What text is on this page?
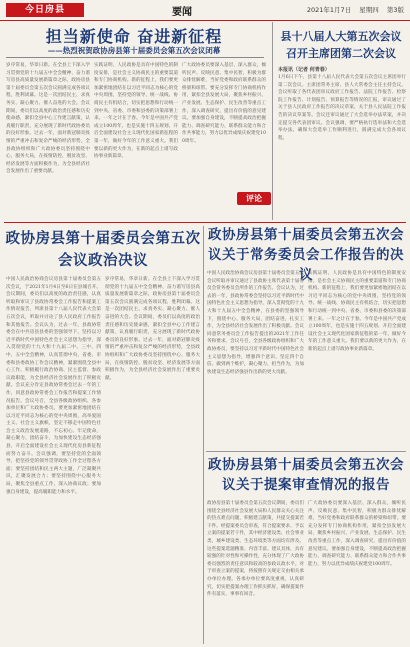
今日房县	要闻	2021年1月7日 星期四 第3版
担当新使命 奋进新征程
——热烈祝贺政协房县第十届委员会第五次会议闭幕
岁序常易，华章日新。在全县上下深入学习贯彻党的十九届五中全会精神、奋力谱写房县高质量发展新篇章之际，政协房县第十届委员会第五次会议圆满完成各项议程，胜利闭幕。这是一次团结民主、求真务实、凝心聚力、催人奋进的大会。会议期间，委员们以高度的政治责任感和历史使命感，紧扣全县中心工作建言献策，认真履行职责，充分展现了新时代政协委员的良好形象。过去一年，面对新冠肺炎疫情的严重冲击和复杂严峻的经济形势，全县政协组织和广大政协委员坚持围绕中心、服务大局，在疫情防控、脱贫攻坚、经济发展等方面积极作为，为全县经济社会发展作出了重要贡献。
实践证明，人民政协是具有中国特色的制度安排，是社会主义协商民主的重要渠道和专门协商机构。新的征程上，我们要更加紧密地团结在以习近平同志为核心的党中央周围，坚持党的领导、统一战线、协商民主有机结合，切实把思想和行动统一到中央、省委、市委和县委的决策部署上来。一年之计在于春。今年是中国共产党成立100周年，也是实施十四五规划、开启全面建设社会主义现代化国家新征程的第一年，做好今年的工作意义重大。我们要以新的更大作为，在新的起点上谱写政协事业新篇章。
广大政协委员要深入基层、深入群众，倾听民声、反映民意、集中民智，积极为群众排忧解难，当好党委和政府联系群众的桥梁和纽带。要充分发挥专门协商机构作用，紧扣全县发展大局，聚焦乡村振兴、产业发展、生态保护、民生改善等重点工作，深入调查研究，提出有价值的意见建议。要加强自身建设，不断提高政治把握能力、调查研究能力、联系群众能力和合作共事能力，努力以优异成绩庆祝建党100周年。
评论
县十八届人大第五次会议召开主席团第二次会议
本报讯（记者 何青春）
1月6日下午，县第十八届人民代表大会第五次会议主席团举行第二次会议。主席团常务主席、县人大常委会主任主持会议。会议听取了各代表团审议政府工作报告、法院工作报告、检察院工作报告、计划报告、预算报告等情况的汇报，审议通过了关于县人民政府工作报告的决议草案、关于县人民法院工作报告的决议草案等。会议还审议通过了大会选举办法草案，并决定提交各代表团审议。会议强调，要严格执行选举法和大会选举办法，确保大会选举工作顺利进行，圆满完成大会各项议程。
政协房县第十届委员会第五次会议政治决议
中国人民政治协商会议房县第十届委员会第五次会议，于2021年1月4日至6日在县城召开。会议期间，委员们以高度的政治责任感，认真听取和审议了县政协常委会工作报告和提案工作情况报告，列席县第十八届人民代表大会第五次会议，听取并讨论了县人民政府工作报告和其他报告。会议认为，过去一年，县政协常委会在中共房县县委的坚强领导下，坚持以习近平新时代中国特色社会主义思想为指导，深入贯彻党的十九大和十九届二中、三中、四中、五中全会精神，认真贯彻中央、省委、市委和县委政协工作会议精神，紧紧围绕全县中心工作，积极履行政治协商、民主监督、参政议政职能，为全县经济社会发展作出了积极贡献。会议充分肯定县政协常委会过去一年的工作，同意县政协常委会工作报告和提案工作情况报告。会议号召，全县各级政协组织、各参加单位和广大政协委员，要更加紧密地团结在以习近平同志为核心的党中央周围，高举爱国主义、社会主义旗帜，坚定不移走中国特色社会主义政治发展道路，不忘初心、牢记使命，凝心聚力、团结奋斗，为加快建设生态经济强县、开启全面建设社会主义现代化房县新征程而努力奋斗。会议强调，要坚持党的全面领导，把坚持党的领导贯穿政协工作全过程各方面；要坚持团结和民主两大主题，广泛凝聚共识，汇聚发展合力；要坚持围绕中心服务大局，聚焦全县重点工作，深入协商议政；要加强自身建设，提高履职能力和水平。
岁序常易，华章日新。在全县上下深入学习贯彻党的十九届五中全会精神、奋力谱写房县高质量发展新篇章之际，政协房县第十届委员会第五次会议圆满完成各项议程，胜利闭幕。这是一次团结民主、求真务实、凝心聚力、催人奋进的大会。会议期间，委员们以高度的政治责任感和历史使命感，紧扣全县中心工作建言献策，认真履行职责，充分展现了新时代政协委员的良好形象。过去一年，面对新冠肺炎疫情的严重冲击和复杂严峻的经济形势，全县政协组织和广大政协委员坚持围绕中心、服务大局，在疫情防控、脱贫攻坚、经济发展等方面积极作为，为全县经济社会发展作出了重要贡献。
政协房县第十届委员会第五次会议关于常务委员会工作报告的决议
中国人民政治协商会议房县第十届委员会第五次会议听取并审议通过了县政协主席代表第十届委员会常务委员会所作的工作报告。会议认为，过去的一年，县政协常委会坚持以习近平新时代中国特色社会主义思想为指导，深入贯彻党的十九大和十九届五中全会精神，在县委的坚强领导下，围绕中心、服务大局，团结奋进，扎实工作，为全县经济社会发展作出了积极贡献。会议同意常务委员会工作报告提出的2021年工作任务和要求。会议号召，全县各级政协组织和广大政协委员，要坚持以习近平新时代中国特色社会主义思想为指导，增强四个意识、坚定四个自信、做到两个维护，凝心聚力、担当作为，为加快建设生态经济强县作出新的更大贡献。
实践证明，人民政协是具有中国特色的制度安排，是社会主义协商民主的重要渠道和专门协商机构。新的征程上，我们要更加紧密地团结在以习近平同志为核心的党中央周围，坚持党的领导、统一战线、协商民主有机结合，切实把思想和行动统一到中央、省委、市委和县委的决策部署上来。一年之计在于春。今年是中国共产党成立100周年，也是实施十四五规划、开启全面建设社会主义现代化国家新征程的第一年，做好今年的工作意义重大。我们要以新的更大作为，在新的起点上谱写政协事业新篇章。
政协房县第十届委员会第五次会议关于提案审查情况的报告
政协房县第十届委员会第五次会议期间，委员们围绕全县经济社会发展大局和人民群众关心关注的热点难点问题，积极建言献策，共提交提案若干件。经提案委员会审查，符合提案要求、予以立案的提案若干件，其中经济建设类、社会事业类、城乡建设类、生态环境类等方面均有涉及。这些提案选题精准、内容丰富、建议具体，具有较强的针对性和可操作性，充分体现了广大政协委员强烈的责任意识和较高的参政议政水平。对于审查立案的提案，将按照有关规定交由相关承办单位办理。各承办单位要高度重视，认真研究，切实把提案办理工作抓实抓好，确保提案件件有落实、事事有回音。
广大政协委员要深入基层、深入群众，倾听民声、反映民意、集中民智，积极为群众排忧解难，当好党委和政府联系群众的桥梁和纽带。要充分发挥专门协商机构作用，紧扣全县发展大局，聚焦乡村振兴、产业发展、生态保护、民生改善等重点工作，深入调查研究，提出有价值的意见建议。要加强自身建设，不断提高政治把握能力、调查研究能力、联系群众能力和合作共事能力，努力以优异成绩庆祝建党100周年。
